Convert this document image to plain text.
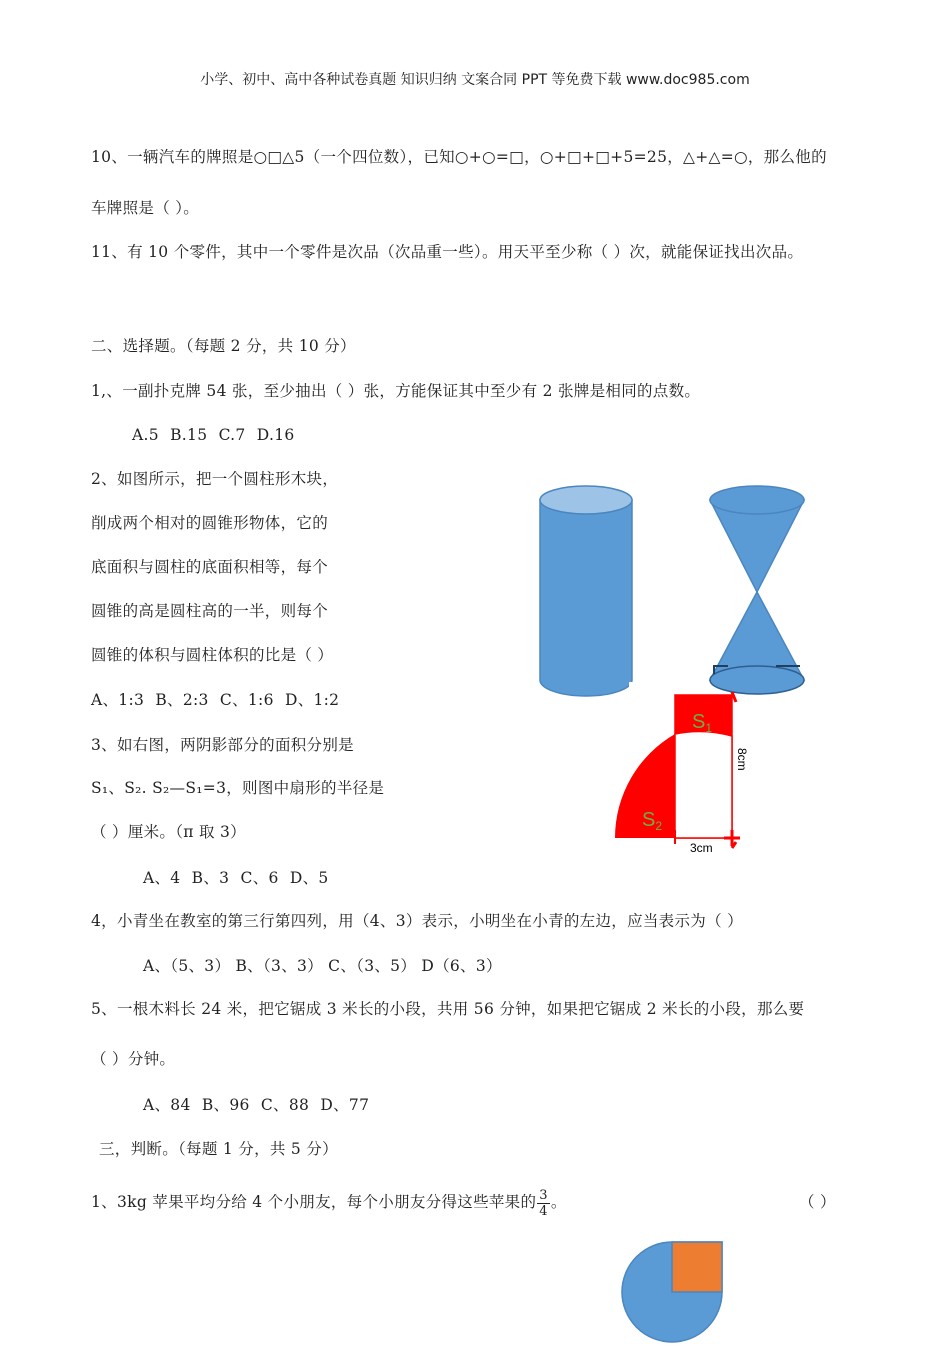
小学、初中、高中各种试卷真题 知识归纳 文案合同 PPT 等免费下载 www.doc985.com
10、一辆汽车的牌照是○□△5（一个四位数），已知○+○=□，○+□+□+5=25，△+△=○，那么他的
车牌照是（ ）。
11、有 10 个零件，其中一个零件是次品（次品重一些）。用天平至少称（ ）次，就能保证找出次品。
二、选择题。（每题 2 分，共 10 分）
1,、一副扑克牌 54 张，至少抽出（ ）张，方能保证其中至少有 2 张牌是相同的点数。
A.5 B.15 C.7 D.16
2、如图所示，把一个圆柱形木块，
削成两个相对的圆锥形物体，它的
底面积与圆柱的底面积相等，每个
圆锥的高是圆柱高的一半，则每个
圆锥的体积与圆柱体积的比是（ ）
A、1:3 B、2:3 C、1:6 D、1:2
3、如右图，两阴影部分的面积分别是
S₁、S₂. S₂—S₁=3，则图中扇形的半径是
（ ）厘米。（π 取 3）
A、4 B、3 C、6 D、5
4，小青坐在教室的第三行第四列，用（4、3）表示，小明坐在小青的左边，应当表示为（ ）
A、（5、3） B、（3、3） C、（3、5） D（6、3）
5、一根木料长 24 米，把它锯成 3 米长的小段，共用 56 分钟，如果把它锯成 2 米长的小段，那么要
（ ）分钟。
A、84 B、96 C、88 D、77
三，判断。（每题 1 分，共 5 分）
1、3kg 苹果平均分给 4 个小朋友，每个小朋友分得这些苹果的 $\frac{3}{4}$ 。	（ ）
$S_1$
$S_2$
8cm
3cm
